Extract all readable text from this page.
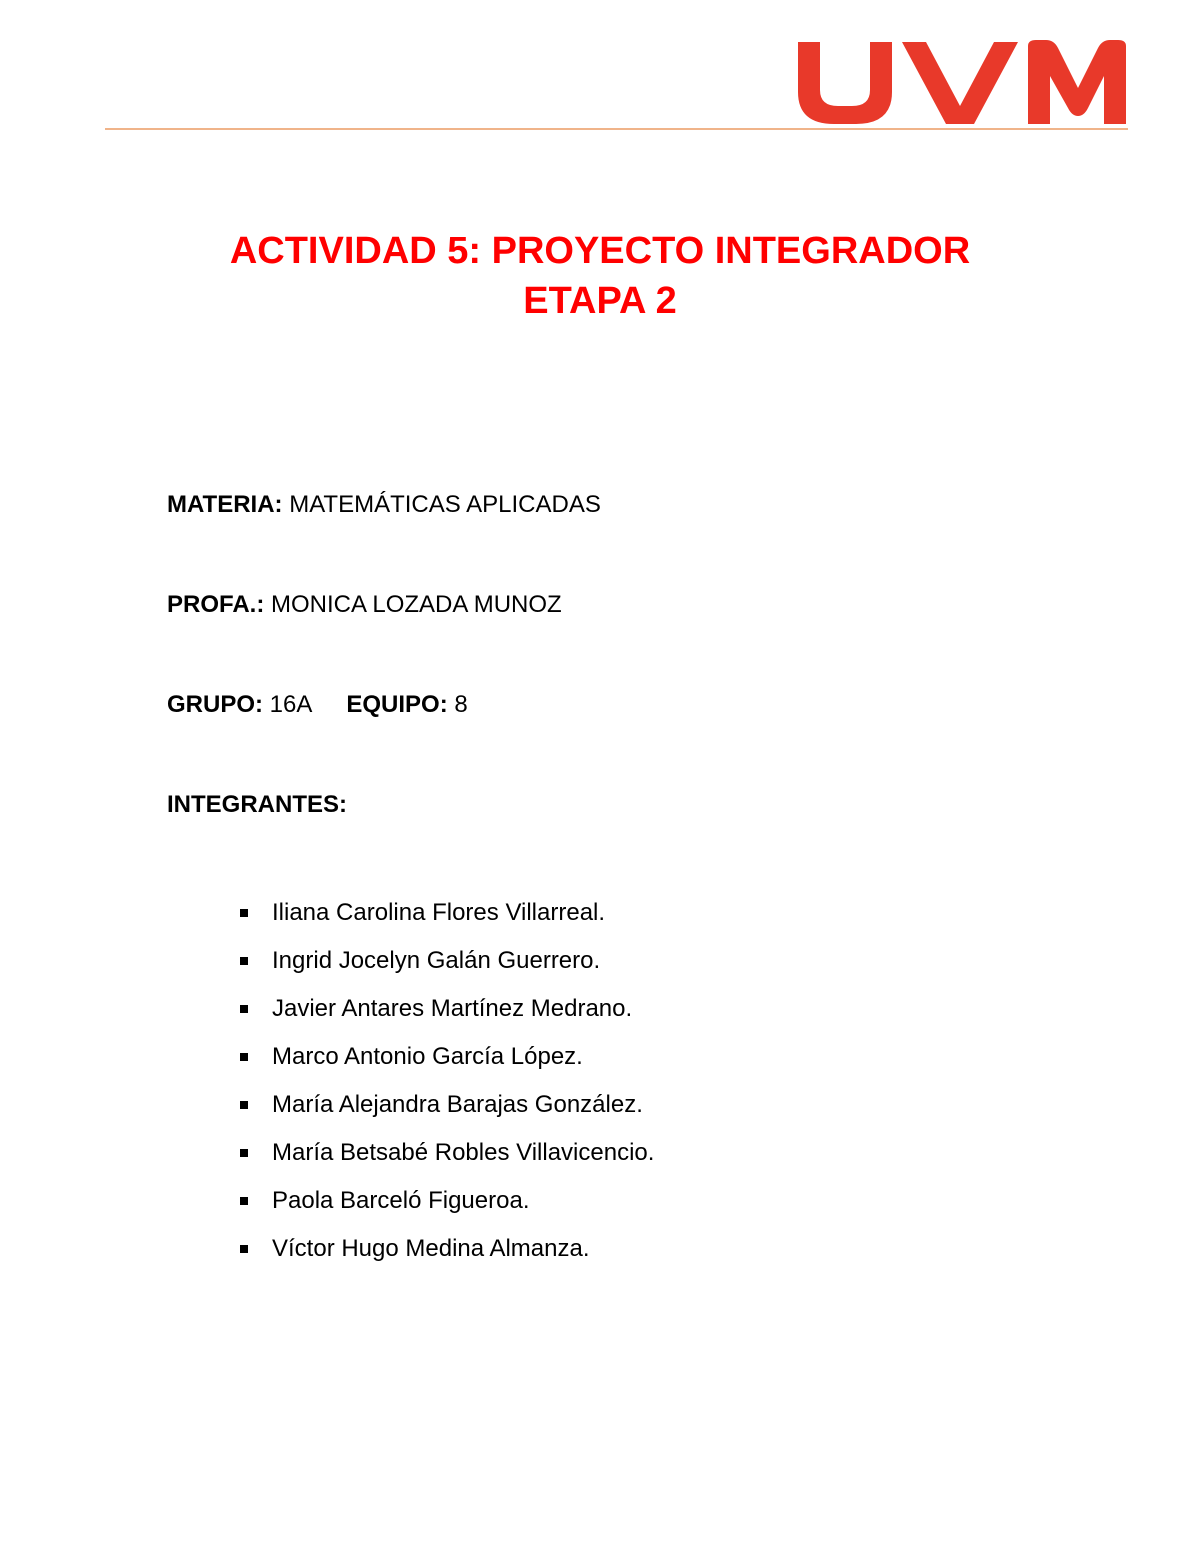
ACTIVIDAD 5: PROYECTO INTEGRADOR
ETAPA 2
MATERIA: MATEMÁTICAS APLICADAS
PROFA.: MONICA LOZADA MUNOZ
GRUPO: 16A EQUIPO: 8
INTEGRANTES:
Iliana Carolina Flores Villarreal.
Ingrid Jocelyn Galán Guerrero.
Javier Antares Martínez Medrano.
Marco Antonio García López.
María Alejandra Barajas González.
María Betsabé Robles Villavicencio.
Paola Barceló Figueroa.
Víctor Hugo Medina Almanza.
